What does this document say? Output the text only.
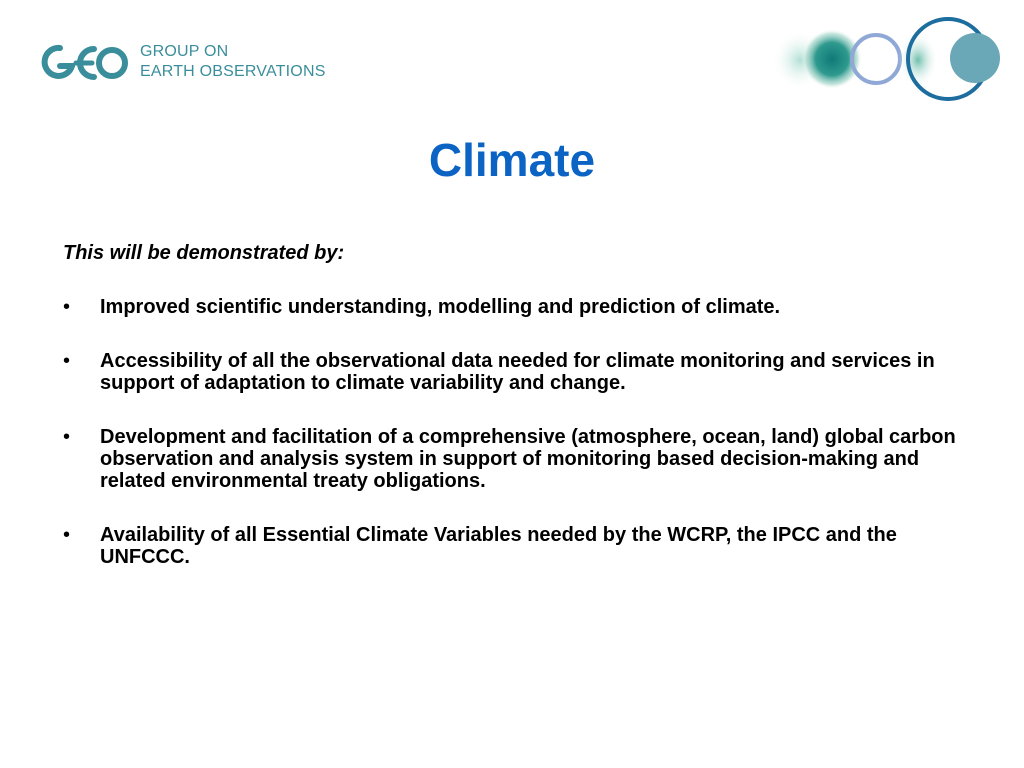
GROUP ON
EARTH OBSERVATIONS
Climate

This will be demonstrated by:

•	Improved scientific understanding, modelling and prediction of climate.
•	Accessibility of all the observational data needed for climate monitoring and services in support of adaptation to climate variability and change.
•	Development and facilitation of a comprehensive (atmosphere, ocean, land) global carbon observation and analysis system in support of monitoring based decision-making and related environmental treaty obligations.
•	Availability of all Essential Climate Variables needed by the WCRP, the IPCC and the UNFCCC.
